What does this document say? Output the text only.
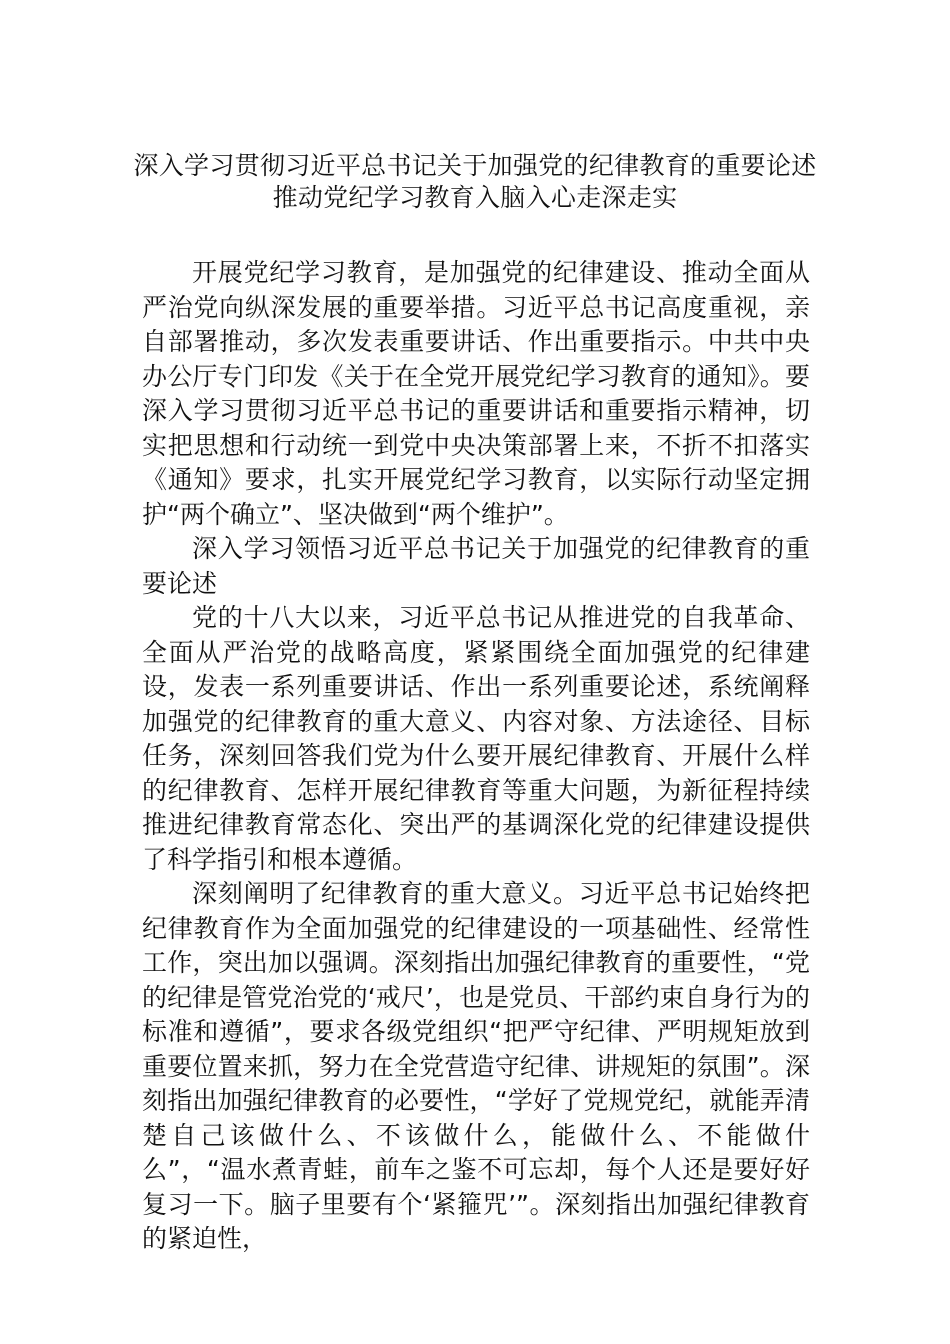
深入学习贯彻习近平总书记关于加强党的纪律教育的重要论述
推动党纪学习教育入脑入心走深走实

开展党纪学习教育，是加强党的纪律建设、推动全面从严治党向纵深发展的重要举措。习近平总书记高度重视，亲自部署推动，多次发表重要讲话、作出重要指示。中共中央办公厅专门印发《关于在全党开展党纪学习教育的通知》。要深入学习贯彻习近平总书记的重要讲话和重要指示精神，切实把思想和行动统一到党中央决策部署上来，不折不扣落实《通知》要求，扎实开展党纪学习教育，以实际行动坚定拥护“两个确立”、坚决做到“两个维护”。

深入学习领悟习近平总书记关于加强党的纪律教育的重要论述

党的十八大以来，习近平总书记从推进党的自我革命、全面从严治党的战略高度，紧紧围绕全面加强党的纪律建设，发表一系列重要讲话、作出一系列重要论述，系统阐释加强党的纪律教育的重大意义、内容对象、方法途径、目标任务，深刻回答我们党为什么要开展纪律教育、开展什么样的纪律教育、怎样开展纪律教育等重大问题，为新征程持续推进纪律教育常态化、突出严的基调深化党的纪律建设提供了科学指引和根本遵循。

深刻阐明了纪律教育的重大意义。习近平总书记始终把纪律教育作为全面加强党的纪律建设的一项基础性、经常性工作，突出加以强调。深刻指出加强纪律教育的重要性，“党的纪律是管党治党的‘戒尺’，也是党员、干部约束自身行为的标准和遵循”，要求各级党组织“把严守纪律、严明规矩放到重要位置来抓，努力在全党营造守纪律、讲规矩的氛围”。深刻指出加强纪律教育的必要性，“学好了党规党纪，就能弄清楚自己该做什么、不该做什么，能做什么、不能做什么”，“温水煮青蛙，前车之鉴不可忘却，每个人还是要好好复习一下。脑子里要有个‘紧箍咒’”。深刻指出加强纪律教育的紧迫性，
